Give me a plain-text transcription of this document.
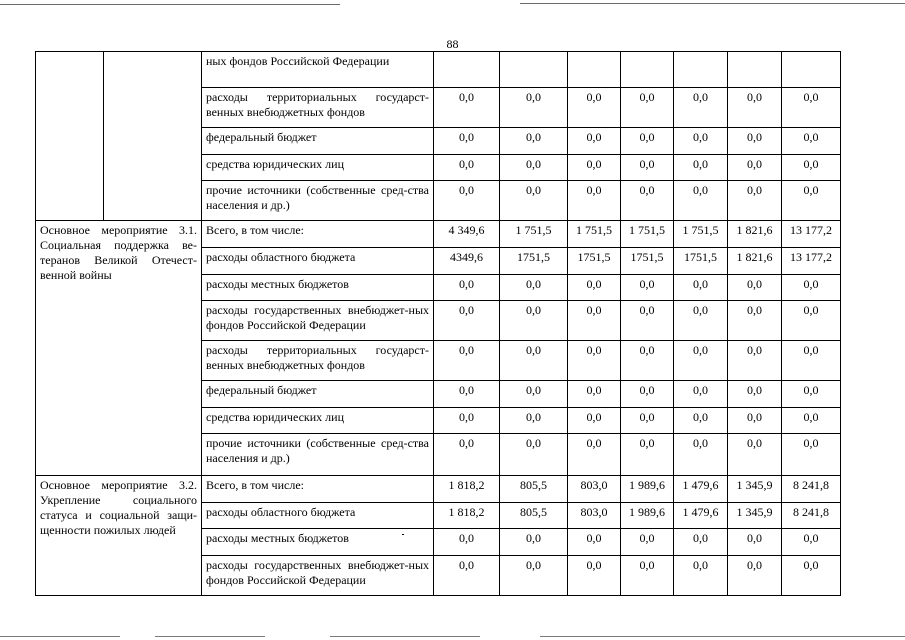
88
		ных фондов Российской Федерации							
		расходы территориальных государст-венных внебюджетных фондов	0,0	0,0	0,0	0,0	0,0	0,0	0,0
		федеральный бюджет	0,0	0,0	0,0	0,0	0,0	0,0	0,0
		средства юридических лиц	0,0	0,0	0,0	0,0	0,0	0,0	0,0
		прочие источники (собственные сред-ства населения и др.)	0,0	0,0	0,0	0,0	0,0	0,0	0,0
Основное мероприятие 3.1. Социальная поддержка ве-теранов Великой Отечест-венной войны		Всего, в том числе:	4 349,6	1 751,5	1 751,5	1 751,5	1 751,5	1 821,6	13 177,2
		расходы областного бюджета	4349,6	1751,5	1751,5	1751,5	1751,5	1 821,6	13 177,2
		расходы местных бюджетов	0,0	0,0	0,0	0,0	0,0	0,0	0,0
		расходы государственных внебюджет-ных фондов Российской Федерации	0,0	0,0	0,0	0,0	0,0	0,0	0,0
		расходы территориальных государст-венных внебюджетных фондов	0,0	0,0	0,0	0,0	0,0	0,0	0,0
		федеральный бюджет	0,0	0,0	0,0	0,0	0,0	0,0	0,0
		средства юридических лиц	0,0	0,0	0,0	0,0	0,0	0,0	0,0
		прочие источники (собственные сред-ства населения и др.)	0,0	0,0	0,0	0,0	0,0	0,0	0,0
Основное мероприятие 3.2. Укрепление социального статуса и социальной защи-щенности пожилых людей		Всего, в том числе:	1 818,2	805,5	803,0	1 989,6	1 479,6	1 345,9	8 241,8
		расходы областного бюджета	1 818,2	805,5	803,0	1 989,6	1 479,6	1 345,9	8 241,8
		расходы местных бюджетов	0,0	0,0	0,0	0,0	0,0	0,0	0,0
		расходы государственных внебюджет-ных фондов Российской Федерации	0,0	0,0	0,0	0,0	0,0	0,0	0,0
